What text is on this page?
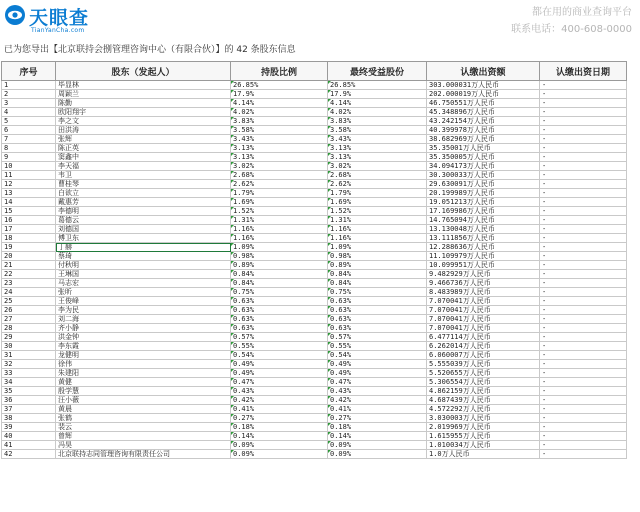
天眼查
TianYanCha.com
都在用的商业查询平台
联系电话：400-608-0000
已为您导出【北京联持会捌管理咨询中心（有限合伙）】的 42 条股东信息
序号	股东（发起人）	持股比例	最终受益股份	认缴出资额	认缴出资日期
1	毕显林	26.85%	26.85%	303.000031万人民币	-
2	周颖兰	17.9%	17.9%	202.000019万人民币	-
3	陈勤	4.14%	4.14%	46.750551万人民币	-
4	欧阳翔宇	4.02%	4.02%	45.348896万人民币	-
5	李之文	3.83%	3.83%	43.242154万人民币	-
6	田洪涛	3.58%	3.58%	40.399978万人民币	-
7	张辉	3.43%	3.43%	38.682969万人民币	-
8	陈正英	3.13%	3.13%	35.35001万人民币	-
9	窦鑫中	3.13%	3.13%	35.350005万人民币	-
10	李天福	3.02%	3.02%	34.094173万人民币	-
11	韦卫	2.68%	2.68%	30.300033万人民币	-
12	曹桂琴	2.62%	2.62%	29.630091万人民币	-
13	白欲立	1.79%	1.79%	20.199989万人民币	-
14	戴惠芳	1.69%	1.69%	19.051213万人民币	-
15	李德明	1.52%	1.52%	17.169986万人民币	-
16	葛德云	1.31%	1.31%	14.765094万人民币	-
17	刘德国	1.16%	1.16%	13.130048万人民币	-
18	傅卫东	1.16%	1.16%	13.111856万人民币	-
19	丁赫	1.09%	1.09%	12.288636万人民币	-
20	蔡琦	0.98%	0.98%	11.109979万人民币	-
21	付秋明	0.89%	0.89%	10.099951万人民币	-
22	王琳国	0.84%	0.84%	9.482929万人民币	-
23	马志宏	0.84%	0.84%	9.466736万人民币	-
24	张昕	0.75%	0.75%	8.483989万人民币	-
25	王俊峰	0.63%	0.63%	7.070041万人民币	-
26	李为民	0.63%	0.63%	7.070041万人民币	-
27	刘二海	0.63%	0.63%	7.070041万人民币	-
28	齐小静	0.63%	0.63%	7.070041万人民币	-
29	洪金钟	0.57%	0.57%	6.477114万人民币	-
30	李东霞	0.55%	0.55%	6.262014万人民币	-
31	龙健明	0.54%	0.54%	6.060007万人民币	-
32	徐伟	0.49%	0.49%	5.555039万人民币	-
33	朱建阳	0.49%	0.49%	5.520655万人民币	-
34	黄健	0.47%	0.47%	5.306554万人民币	-
35	殷学慧	0.43%	0.43%	4.862159万人民币	-
36	汪小薇	0.42%	0.42%	4.687439万人民币	-
37	黄晨	0.41%	0.41%	4.572292万人民币	-
38	张鹤	0.27%	0.27%	3.030003万人民币	-
39	裴云	0.18%	0.18%	2.019969万人民币	-
40	曾辉	0.14%	0.14%	1.615955万人民币	-
41	冯昊	0.09%	0.09%	1.010034万人民币	-
42	北京联持志同管理咨询有限责任公司	0.09%	0.09%	1.0万人民币	-
